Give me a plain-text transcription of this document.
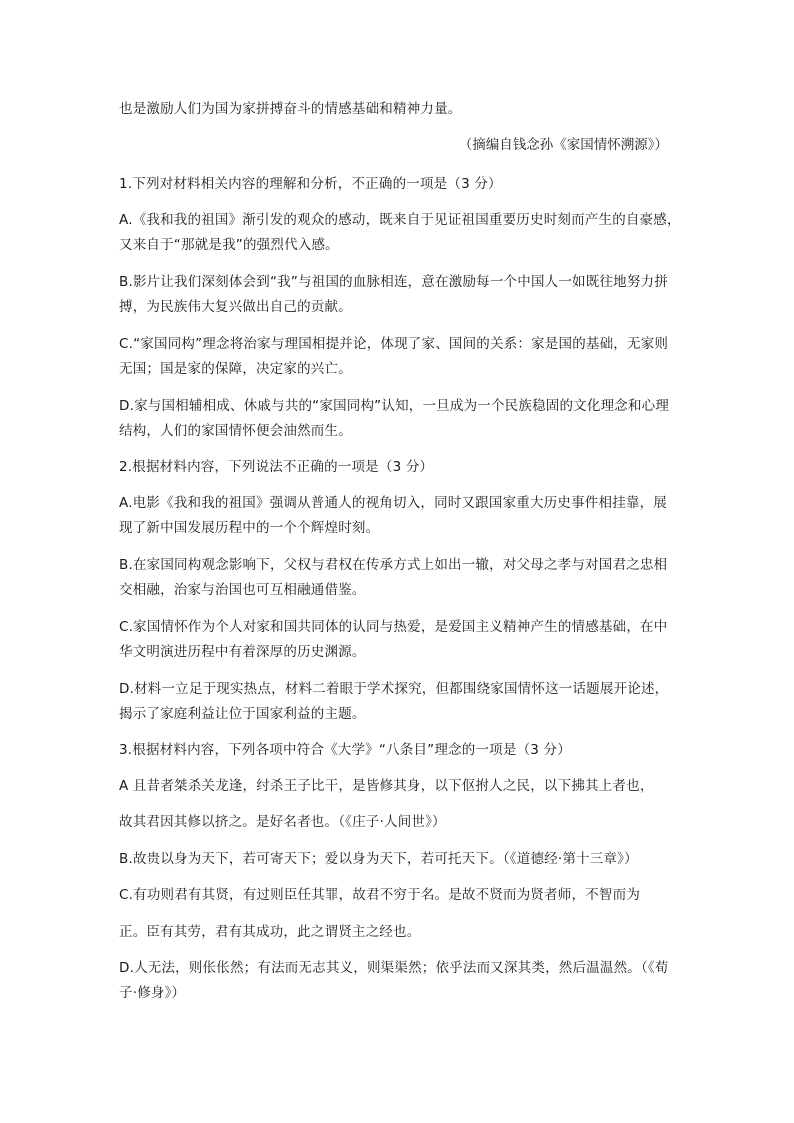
也是激励人们为国为家拼搏奋斗的情感基础和精神力量。
（摘编自钱念孙《家国情怀溯源》）
1.下列对材料相关内容的理解和分析，不正确的一项是（3 分）
A.《我和我的祖国》渐引发的观众的感动，既来自于见证祖国重要历史时刻而产生的自豪感，
又来自于“那就是我”的强烈代入感。
B.影片让我们深刻体会到“我”与祖国的血脉相连，意在激励每一个中国人一如既往地努力拼
搏，为民族伟大复兴做出自己的贡献。
C.“家国同构”理念将治家与理国相提并论，体现了家、国间的关系：家是国的基础，无家则
无国；国是家的保障，决定家的兴亡。
D.家与国相辅相成、休戚与共的“家国同构”认知，一旦成为一个民族稳固的文化理念和心理
结构，人们的家国情怀便会油然而生。
2.根据材料内容，下列说法不正确的一项是（3 分）
A.电影《我和我的祖国》强调从普通人的视角切入，同时又跟国家重大历史事件相挂靠，展
现了新中国发展历程中的一个个辉煌时刻。
B.在家国同构观念影响下，父权与君权在传承方式上如出一辙，对父母之孝与对国君之忠相
交相融，治家与治国也可互相融通借鉴。
C.家国情怀作为个人对家和国共同体的认同与热爱，是爱国主义精神产生的情感基础，在中
华文明演进历程中有着深厚的历史渊源。
D.材料一立足于现实热点，材料二着眼于学术探究，但都围绕家国情怀这一话题展开论述，
揭示了家庭利益让位于国家利益的主题。
3.根据材料内容，下列各项中符合《大学》“八条目”理念的一项是（3 分）
A 且昔者桀杀关龙逢，纣杀王子比干，是皆修其身，以下伛拊人之民，以下拂其上者也，
故其君因其修以挤之。是好名者也。（《庄子·人间世》）
B.故贵以身为天下，若可寄天下；爱以身为天下，若可托天下。（《道德经·第十三章》）
C.有功则君有其贤，有过则臣任其罪，故君不穷于名。是故不贤而为贤者师，不智而为
正。臣有其劳，君有其成功，此之谓贤主之经也。
D.人无法，则伥伥然；有法而无志其义，则渠渠然；依乎法而又深其类，然后温温然。（《荀
子·修身》）
